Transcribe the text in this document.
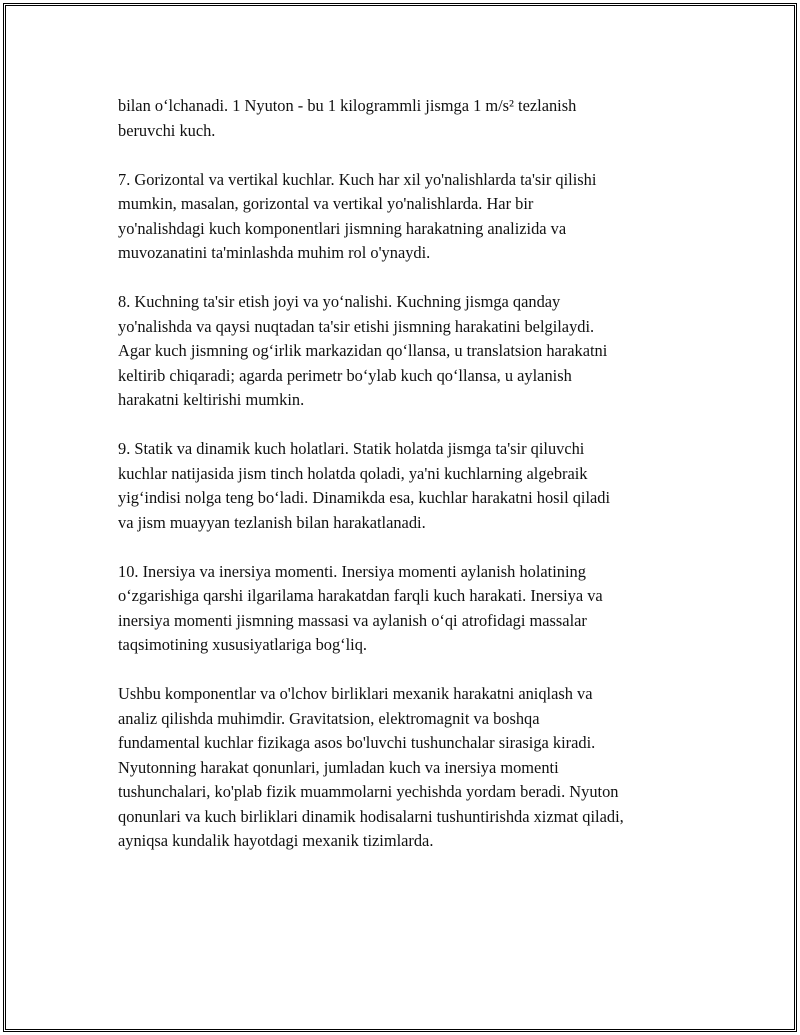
bilan o‘lchanadi. 1 Nyuton - bu 1 kilogrammli jismga 1 m/s² tezlanish
beruvchi kuch.

7. Gorizontal va vertikal kuchlar. Kuch har xil yo'nalishlarda ta'sir qilishi
mumkin, masalan, gorizontal va vertikal yo'nalishlarda. Har bir
yo'nalishdagi kuch komponentlari jismning harakatning analizida va
muvozanatini ta'minlashda muhim rol o'ynaydi.

8. Kuchning ta'sir etish joyi va yo‘nalishi. Kuchning jismga qanday
yo'nalishda va qaysi nuqtadan ta'sir etishi jismning harakatini belgilaydi.
Agar kuch jismning og‘irlik markazidan qo‘llansa, u translatsion harakatni
keltirib chiqaradi; agarda perimetr bo‘ylab kuch qo‘llansa, u aylanish
harakatni keltirishi mumkin.

9. Statik va dinamik kuch holatlari. Statik holatda jismga ta'sir qiluvchi
kuchlar natijasida jism tinch holatda qoladi, ya'ni kuchlarning algebraik
yig‘indisi nolga teng bo‘ladi. Dinamikda esa, kuchlar harakatni hosil qiladi
va jism muayyan tezlanish bilan harakatlanadi.

10. Inersiya va inersiya momenti. Inersiya momenti aylanish holatining
o‘zgarishiga qarshi ilgarilama harakatdan farqli kuch harakati. Inersiya va
inersiya momenti jismning massasi va aylanish o‘qi atrofidagi massalar
taqsimotining xususiyatlariga bog‘liq.

Ushbu komponentlar va o'lchov birliklari mexanik harakatni aniqlash va
analiz qilishda muhimdir. Gravitatsion, elektromagnit va boshqa
fundamental kuchlar fizikaga asos bo'luvchi tushunchalar sirasiga kiradi.
Nyutonning harakat qonunlari, jumladan kuch va inersiya momenti
tushunchalari, ko'plab fizik muammolarni yechishda yordam beradi. Nyuton
qonunlari va kuch birliklari dinamik hodisalarni tushuntirishda xizmat qiladi,
ayniqsa kundalik hayotdagi mexanik tizimlarda.
